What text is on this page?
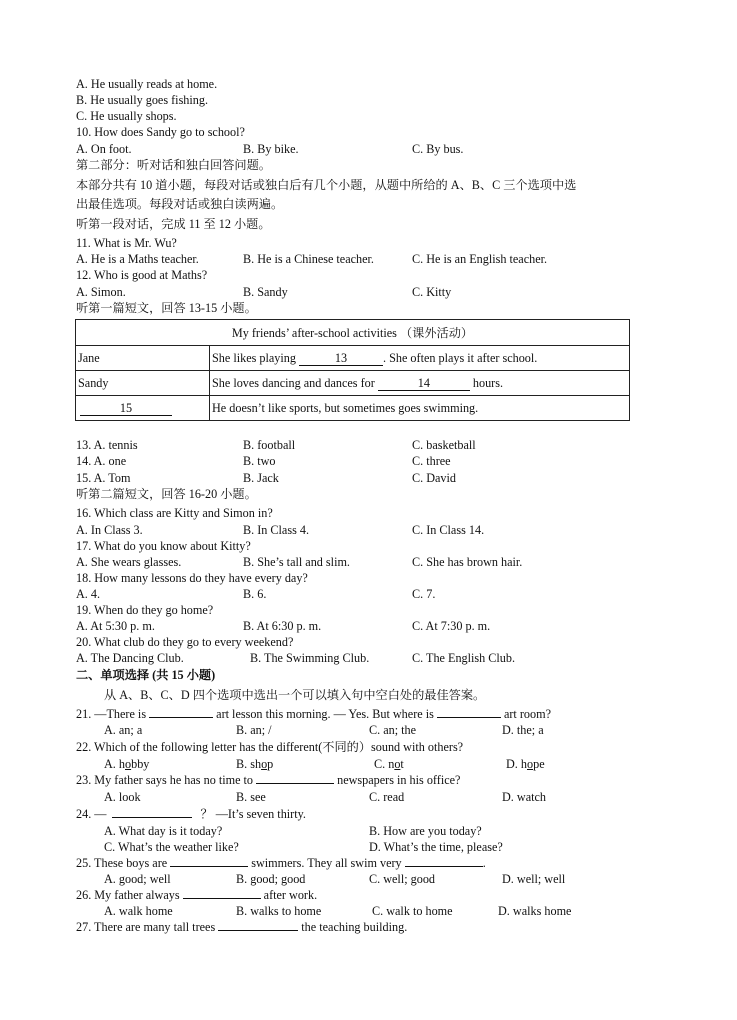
A. He usually reads at home.
B. He usually goes fishing.
C. He usually shops.
10. How does Sandy go to school?
A. On foot.	B. By bike.	C. By bus.
第二部分：听对话和独白回答问题。
本部分共有 10 道小题，每段对话或独白后有几个小题，从题中所给的 A、B、C 三个选项中选
出最佳选项。每段对话或独白读两遍。
听第一段对话，完成 11 至 12 小题。
11. What is Mr. Wu?
A. He is a Maths teacher.	B. He is a Chinese teacher.	C. He is an English teacher.
12. Who is good at Maths?
A. Simon.	B. Sandy	C. Kitty
听第一篇短文，回答 13-15 小题。
My friends’ after-school activities （课外活动）	
Jane	She likes playing 13 . She often plays it after school.
Sandy	She loves dancing and dances for 14 hours.
15	He doesn’t like sports, but sometimes goes swimming.
13. A. tennis	B. football	C. basketball
14. A. one	B. two	C. three
15. A. Tom	B. Jack	C. David
听第二篇短文，回答 16-20 小题。
16. Which class are Kitty and Simon in?
A. In Class 3.	B. In Class 4.	C. In Class 14.
17. What do you know about Kitty?
A. She wears glasses.	B. She’s tall and slim.	C. She has brown hair.
18. How many lessons do they have every day?
A. 4.	B. 6.	C. 7.
19. When do they go home?
A. At 5:30 p. m.	B. At 6:30 p. m.	C. At 7:30 p. m.
20. What club do they go to every weekend?
A. The Dancing Club.	B. The Swimming Club.	C. The English Club.
二、单项选择 (共 15 小题)
从 A、B、C、D 四个选项中选出一个可以填入句中空白处的最佳答案。
21. —There is	art lesson this morning. — Yes. But where is	art room?
A. an; a	B. an; /	C. an; the	D. the; a
22. Which of the following letter has the different(不同的）sound with others?
A. hobby	B. shop	C. not	D. hope
23. My father says he has no time to	newspapers in his office?
A. look	B. see	C. read	D. watch
24. —	？ —It’s seven thirty.
A. What day is it today?	B. How are you today?
C. What’s the weather like?	D. What’s the time, please?
25. These boys are	swimmers. They all swim very	.
A. good; well	B. good; good	C. well; good	D. well; well
26. My father always	after work.
A. walk home	B. walks to home	C. walk to home	D. walks home
27. There are many tall trees	the teaching building.
